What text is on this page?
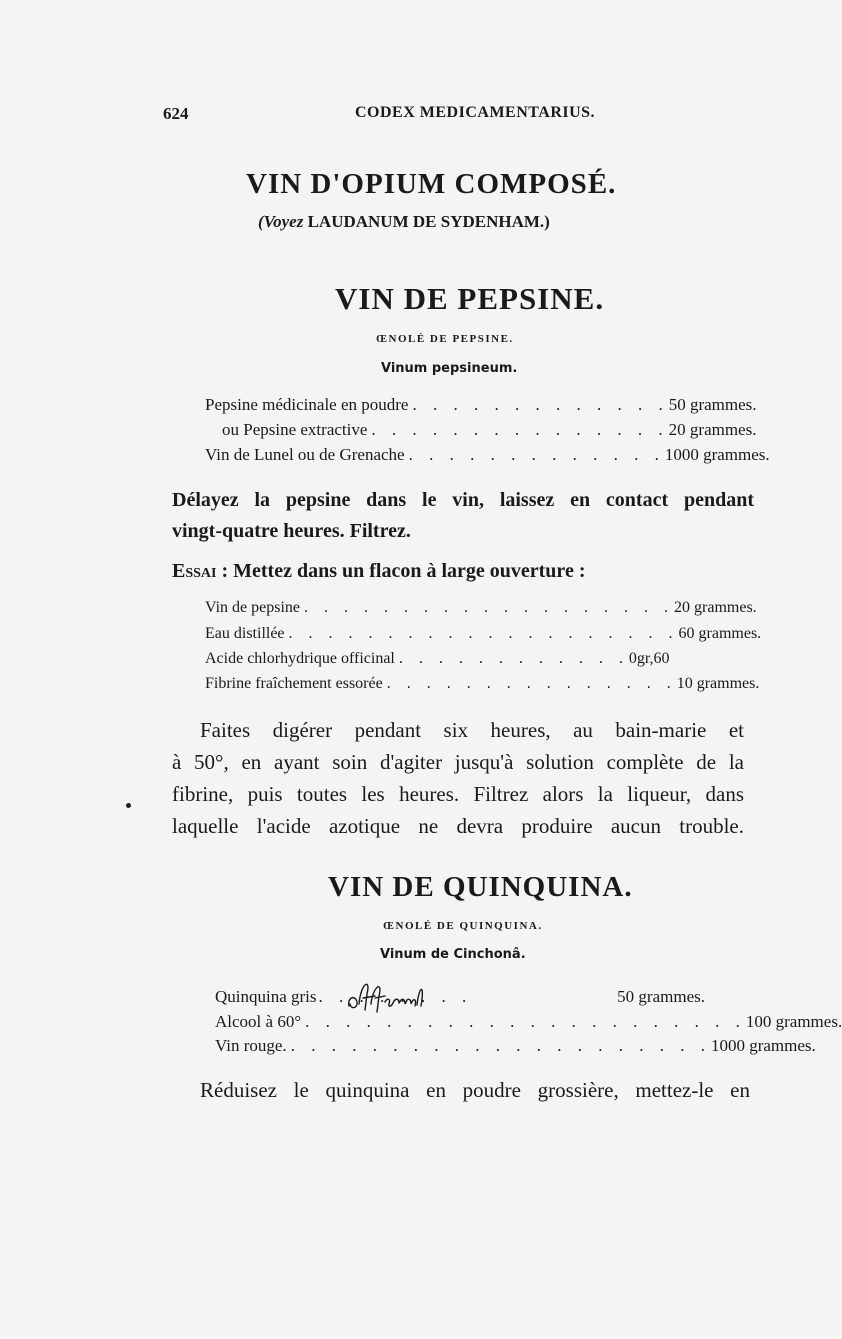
624	CODEX MEDICAMENTARIUS.
VIN D'OPIUM COMPOSÉ.
(Voyez LAUDANUM DE SYDENHAM.)
VIN DE PEPSINE.
ŒNOLÉ DE PEPSINE.
Vinum pepsineum.
Pepsine médicinale en poudre . . . . . . . . . . . . . 50 grammes.
ou Pepsine extractive . . . . . . . . . . . . . . . 20 grammes.
Vin de Lunel ou de Grenache . . . . . . . . . . . . . 1000 grammes.
Délayez la pepsine dans le vin, laissez en contact pendant
vingt-quatre heures. Filtrez.
Essai : Mettez dans un flacon à large ouverture :
Vin de pepsine . . . . . . . . . . . . . . . . . . . 20 grammes.
Eau distillée . . . . . . . . . . . . . . . . . . . . 60 grammes.
Acide chlorhydrique officinal . . . . . . . . . . . . 0gr,60
Fibrine fraîchement essorée . . . . . . . . . . . . . . . 10 grammes.
Faites digérer pendant six heures, au bain-marie et
à 50°, en ayant soin d'agiter jusqu'à solution complète de la
fibrine, puis toutes les heures. Filtrez alors la liqueur, dans
laquelle l'acide azotique ne devra produire aucun trouble.
VIN DE QUINQUINA.
ŒNOLÉ DE QUINQUINA.
Vinum de Cinchonâ.
Quinquina gris . . . . . . . .	50 grammes.
Alcool à 60° . . . . . . . . . . . . . . . . . . . . . . 100 grammes.
Vin rouge. . . . . . . . . . . . . . . . . . . . . . 1000 grammes.
Réduisez le quinquina en poudre grossière, mettez-le en
